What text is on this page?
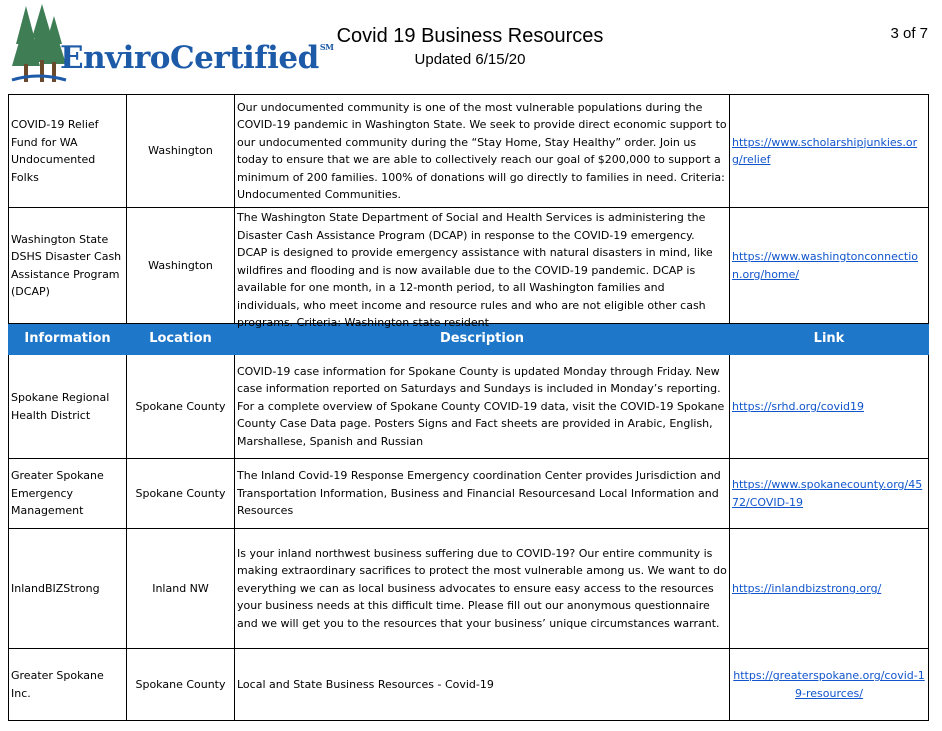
EnviroCertified℠ Covid 19 Business Resources
Updated 6/15/20
3 of 7
COVID-19 Relief Fund for WA Undocumented Folks	Washington	Our undocumented community is one of the most vulnerable populations during the COVID-19 pandemic in Washington State. We seek to provide direct economic support to our undocumented community during the “Stay Home, Stay Healthy” order. Join us today to ensure that we are able to collectively reach our goal of $200,000 to support a minimum of 200 families. 100% of donations will go directly to families in need. Criteria: Undocumented Communities.	https://www.scholarshipjunkies.org/relief
Washington State DSHS Disaster Cash Assistance Program (DCAP)	Washington	The Washington State Department of Social and Health Services is administering the Disaster Cash Assistance Program (DCAP) in response to the COVID-19 emergency. DCAP is designed to provide emergency assistance with natural disasters in mind, like wildfires and flooding and is now available due to the COVID-19 pandemic. DCAP is available for one month, in a 12-month period, to all Washington families and individuals, who meet income and resource rules and who are not eligible other cash programs. Criteria: Washington state resident	https://www.washingtonconnection.org/home/
Information	Location	Description	Link
Spokane Regional Health District	Spokane County	COVID-19 case information for Spokane County is updated Monday through Friday. New case information reported on Saturdays and Sundays is included in Monday’s reporting. For a complete overview of Spokane County COVID-19 data, visit the COVID-19 Spokane County Case Data page. Posters Signs and Fact sheets are provided in Arabic, English, Marshallese, Spanish and Russian	https://srhd.org/covid19
Greater Spokane Emergency Management	Spokane County	The Inland Covid-19 Response Emergency coordination Center provides Jurisdiction and Transportation Information, Business and Financial Resourcesand Local Information and Resources	https://www.spokanecounty.org/4572/COVID-19
InlandBIZStrong	Inland NW	Is your inland northwest business suffering due to COVID-19? Our entire community is making extraordinary sacrifices to protect the most vulnerable among us. We want to do everything we can as local business advocates to ensure easy access to the resources your business needs at this difficult time. Please fill out our anonymous questionnaire and we will get you to the resources that your business’ unique circumstances warrant.	https://inlandbizstrong.org/
Greater Spokane Inc.	Spokane County	Local and State Business Resources - Covid-19	https://greaterspokane.org/covid-19-resources/
